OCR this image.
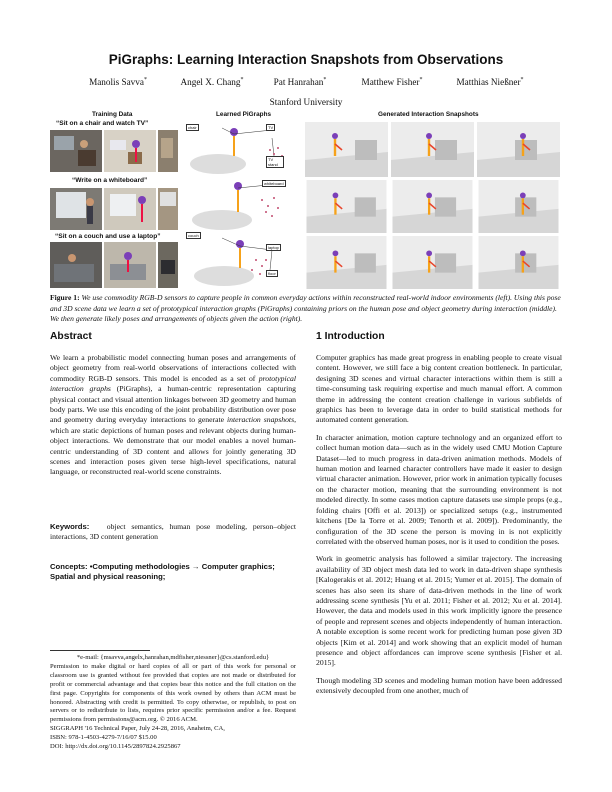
PiGraphs: Learning Interaction Snapshots from Observations
Manolis Savva*	Angel X. Chang*	Pat Hanrahan*	Matthew Fisher*	Matthias Nießner*
Stanford University
Training Data	Learned PiGraphs	Generated Interaction Snapshots
“Sit on a chair and watch TV”
“Write on a whiteboard”
“Sit on a couch and use a laptop”
chair	TV
TV stand
whiteboard
couch
laptop
floor
Figure 1: We use commodity RGB-D sensors to capture people in common everyday actions within reconstructed real-world indoor environments (left). Using this pose and 3D scene data we learn a set of prototypical interaction graphs (PiGraphs) containing priors on the human pose and object geometry during interaction (middle). We then generate likely poses and arrangements of objects given the action (right).
Abstract

We learn a probabilistic model connecting human poses and arrangements of object geometry from real-world observations of interactions collected with commodity RGB-D sensors. This model is encoded as a set of prototypical interaction graphs (PiGraphs), a human-centric representation capturing physical contact and visual attention linkages between 3D geometry and human body parts. We use this encoding of the joint probability distribution over pose and geometry during everyday interactions to generate interaction snapshots, which are static depictions of human poses and relevant objects during human-object interactions. We demonstrate that our model enables a novel human-centric understanding of 3D content and allows for jointly generating 3D scenes and interaction poses given terse high-level specifications, natural language, or reconstructed real-world scene constraints.

Keywords: object semantics, human pose modeling, person–object interactions, 3D content generation

Concepts: •Computing methodologies → Computer graphics; Spatial and physical reasoning;

*e-mail: {msavva,angelx,hanrahan,mdfisher,niessner}@cs.stanford.edu}
Permission to make digital or hard copies of all or part of this work for personal or classroom use is granted without fee provided that copies are not made or distributed for profit or commercial advantage and that copies bear this notice and the full citation on the first page. Copyrights for components of this work owned by others than ACM must be honored. Abstracting with credit is permitted. To copy otherwise, or republish, to post on servers or to redistribute to lists, requires prior specific permission and/or a fee. Request permissions from permissions@acm.org. © 2016 ACM.
SIGGRAPH '16 Technical Paper, July 24-28, 2016, Anaheim, CA,
ISBN: 978-1-4503-4279-7/16/07 $15.00
DOI: http://dx.doi.org/10.1145/2897824.2925867
1 Introduction

Computer graphics has made great progress in enabling people to create visual content. However, we still face a big content creation bottleneck. In particular, designing 3D scenes and virtual character interactions within them is still a time-consuming task requiring expertise and much manual effort. A common theme in addressing the content creation challenge in various subfields of graphics has been to leverage data in order to build statistical methods for automated content generation.

In character animation, motion capture technology and an organized effort to collect human motion data—such as in the widely used CMU Motion Capture Dataset—led to much progress in data-driven animation methods. Models of human motion and learned character controllers have made it easier to design virtual character animation. However, prior work in animation typically focuses on the character motion, meaning that the surrounding environment is not modeled directly. In some cases motion capture datasets use simple props (e.g., folding chairs [Offi et al. 2013]) or specialized setups (e.g., instrumented kitchens [De la Torre et al. 2009; Tenorth et al. 2009]). Predominantly, the configuration of the 3D scene the person is moving in is not explicitly correlated with the observed human poses, nor is it used to condition the poses.

Work in geometric analysis has followed a similar trajectory. The increasing availability of 3D object mesh data led to work in data-driven shape synthesis [Kalogerakis et al. 2012; Huang et al. 2015; Yumer et al. 2015]. The domain of scenes has also seen its share of data-driven methods in the line of work addressing scene synthesis [Yu et al. 2011; Fisher et al. 2012; Xu et al. 2014]. However, the data and models used in this work implicitly ignore the presence of people and represent scenes and objects independently of human interaction. A notable exception is some recent work for predicting human pose given 3D objects [Kim et al. 2014] and work showing that an explicit model of human presence and object affordances can improve scene synthesis [Fisher et al. 2015].

Though modeling 3D scenes and modeling human motion have been addressed extensively decoupled from one another, much of
